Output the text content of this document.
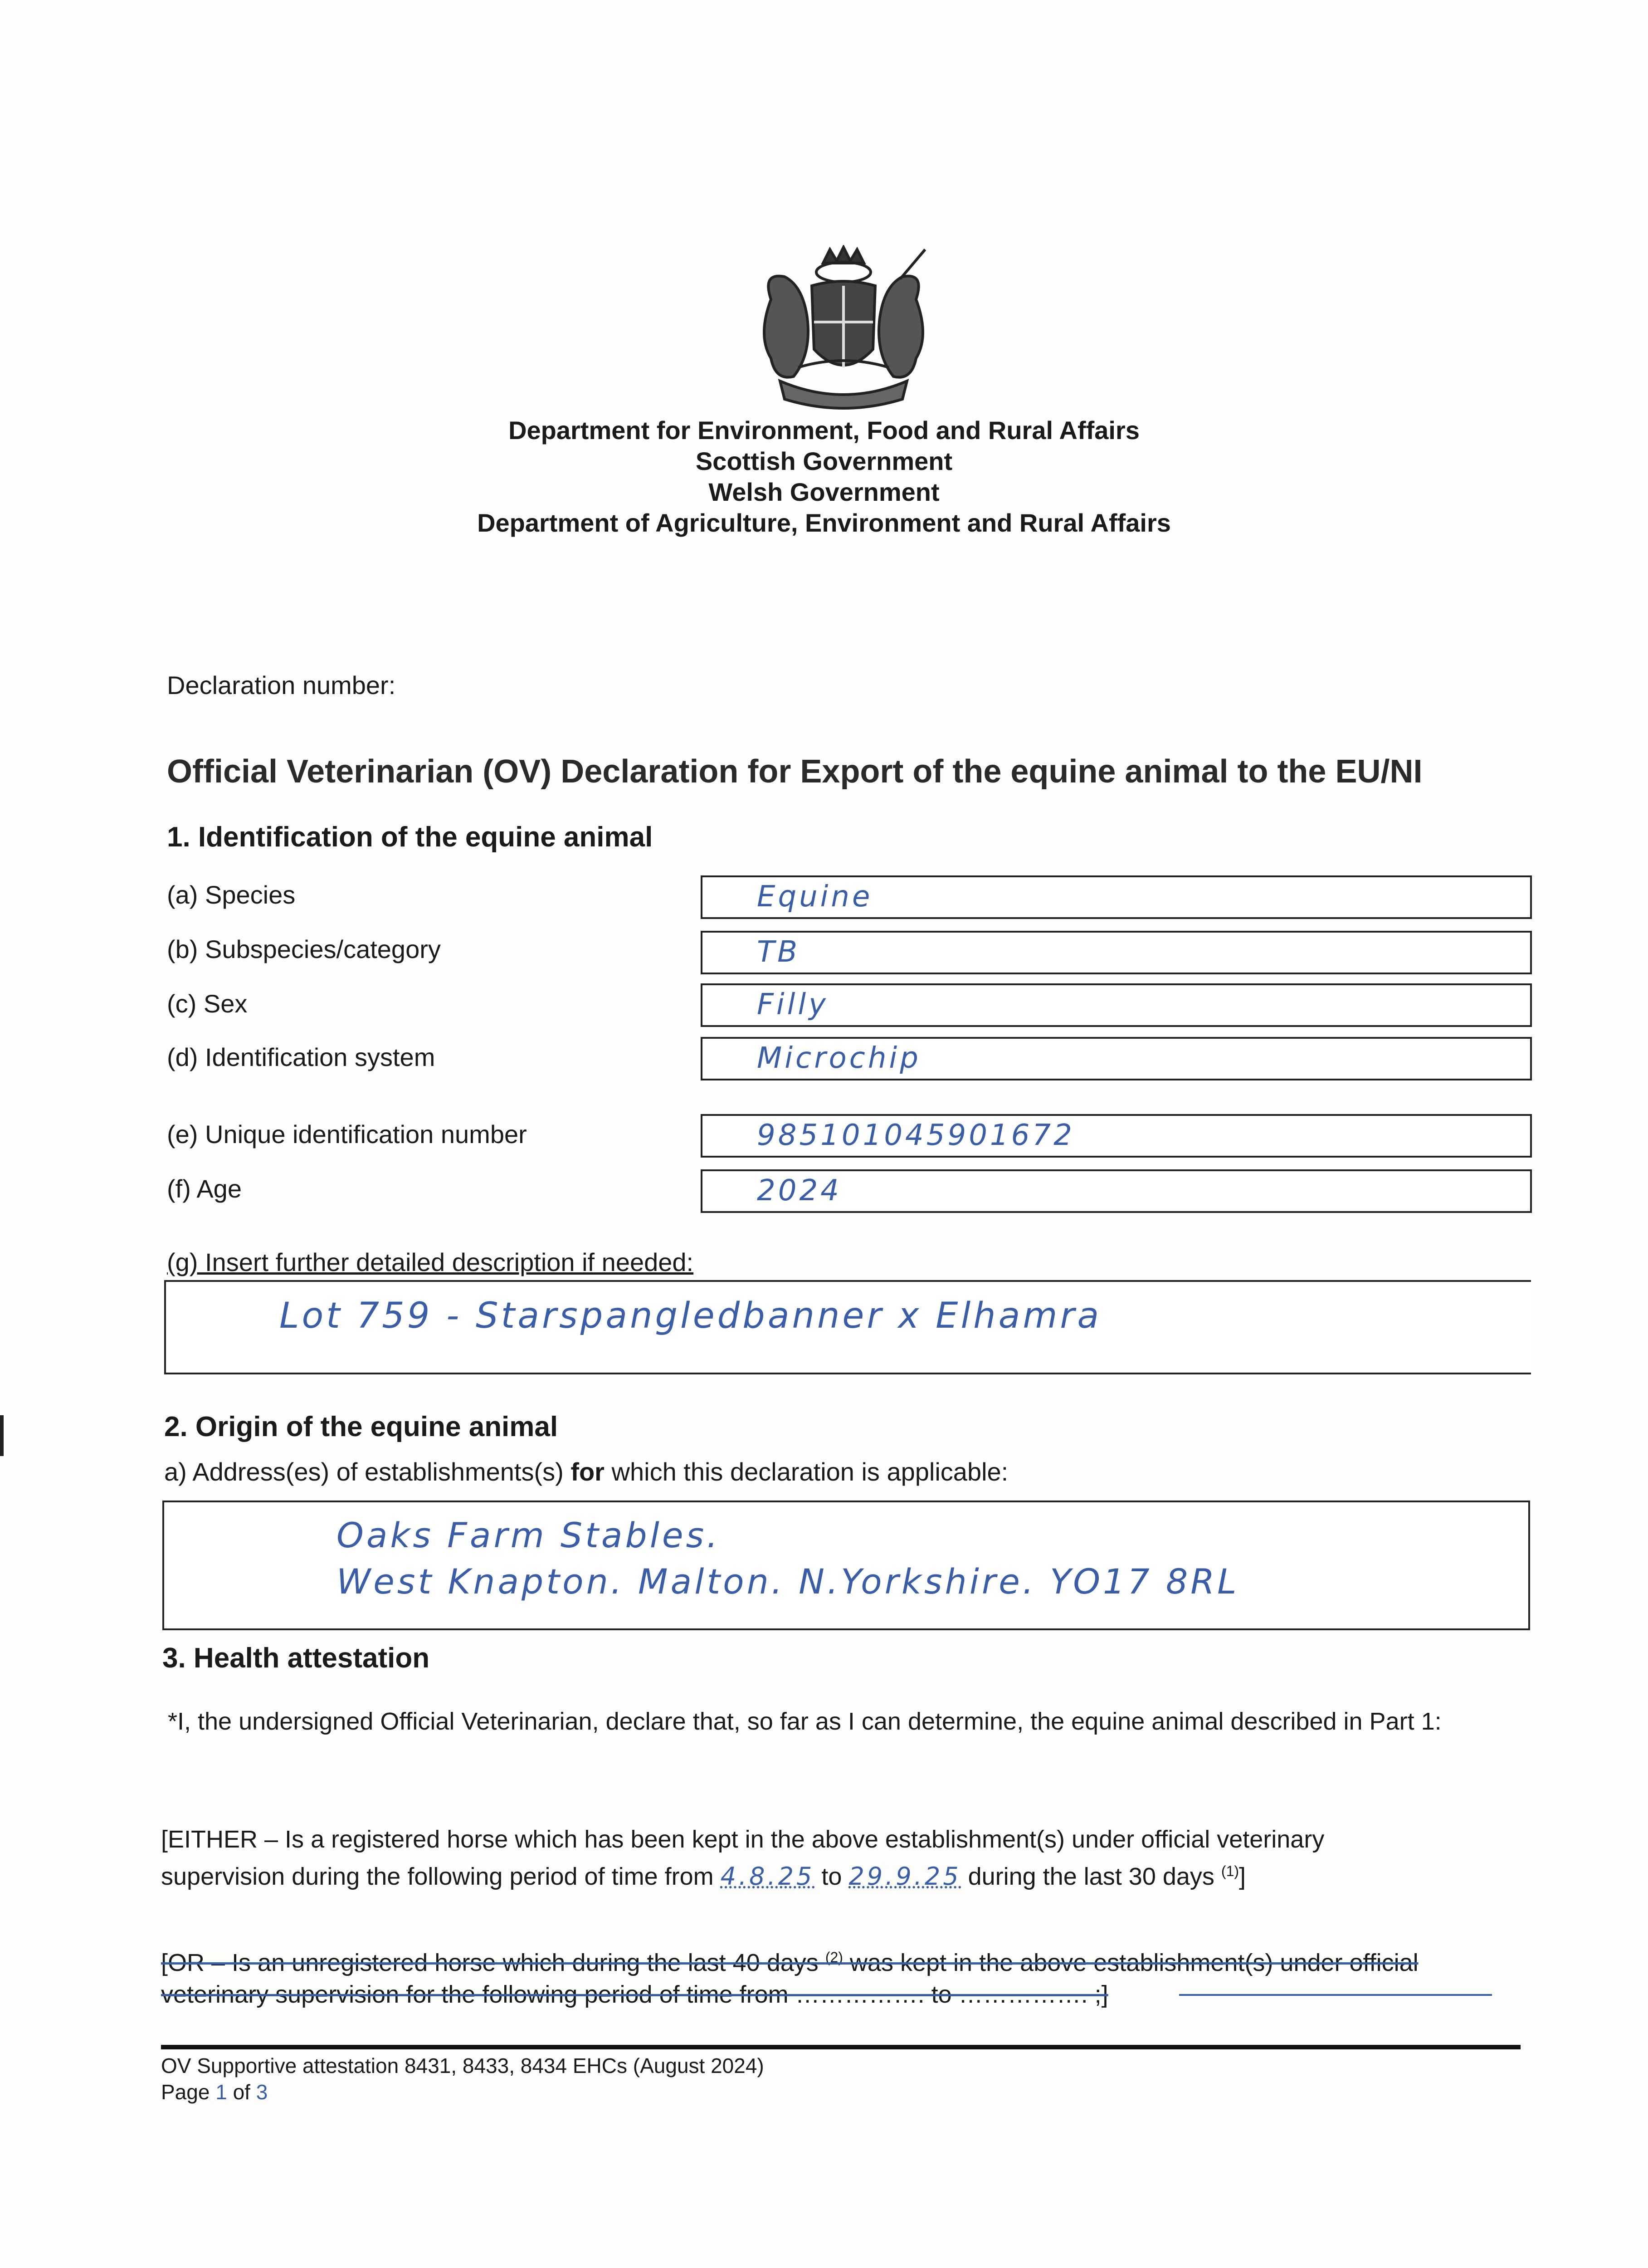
Department for Environment, Food and Rural Affairs
Scottish Government
Welsh Government
Department of Agriculture, Environment and Rural Affairs
Declaration number:
Official Veterinarian (OV) Declaration for Export of the equine animal to the EU/NI
1. Identification of the equine animal
(a) Species	Equine
(b) Subspecies/category	TB
(c) Sex	Filly
(d) Identification system	Microchip
(e) Unique identification number	985101045901672
(f) Age	2024
(g) Insert further detailed description if needed:
Lot 759 - Starspangledbanner x Elhamra
2. Origin of the equine animal
a) Address(es) of establishments(s) for which this declaration is applicable:
Oaks Farm Stables.
West Knapton. Malton. N.Yorkshire. YO17 8RL
3. Health attestation
*I, the undersigned Official Veterinarian, declare that, so far as I can determine, the equine animal described in Part 1:
[EITHER – Is a registered horse which has been kept in the above establishment(s) under official veterinary
supervision during the following period of time from 4.8.25 to 29.9.25 during the last 30 days $^{(1)}$]
[OR – Is an unregistered horse which during the last 40 days $^{(2)}$ was kept in the above establishment(s) under official
veterinary supervision for the following period of time from ……………. to ……………. ;]
OV Supportive attestation 8431, 8433, 8434 EHCs (August 2024)
Page 1 of 3
